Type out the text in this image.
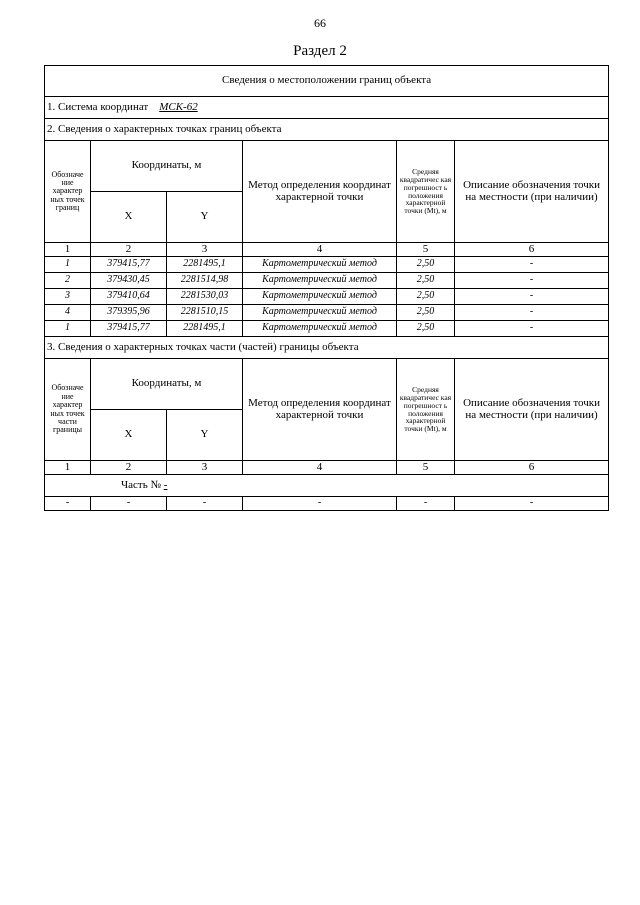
66
Раздел 2
Сведения о местоположении границ объекта					
1. Система координат МСК-62					
2. Сведения о характерных точках границ объекта					
Обозначе ние характер ных точек границ	Координаты, м		Метод определения координат характерной точки	Средняя квадратичес кая погрешност ь положения характерной точки (Mt), м	Описание обозначения точки на местности (при наличии)
	X	Y			
1	2	3	4	5	6
1	379415,77	2281495,1	Картометрический метод	2,50	-
2	379430,45	2281514,98	Картометрический метод	2,50	-
3	379410,64	2281530,03	Картометрический метод	2,50	-
4	379395,96	2281510,15	Картометрический метод	2,50	-
1	379415,77	2281495,1	Картометрический метод	2,50	-
3. Сведения о характерных точках части (частей) границы объекта					
Обозначе ние характер ных точек части границы	Координаты, м		Метод определения координат характерной точки	Средняя квадратичес кая погрешност ь положения характерной точки (Mt), м	Описание обозначения точки на местности (при наличии)
	X	Y			
1	2	3	4	5	6
Часть № -					
-	-	-	-	-	-
